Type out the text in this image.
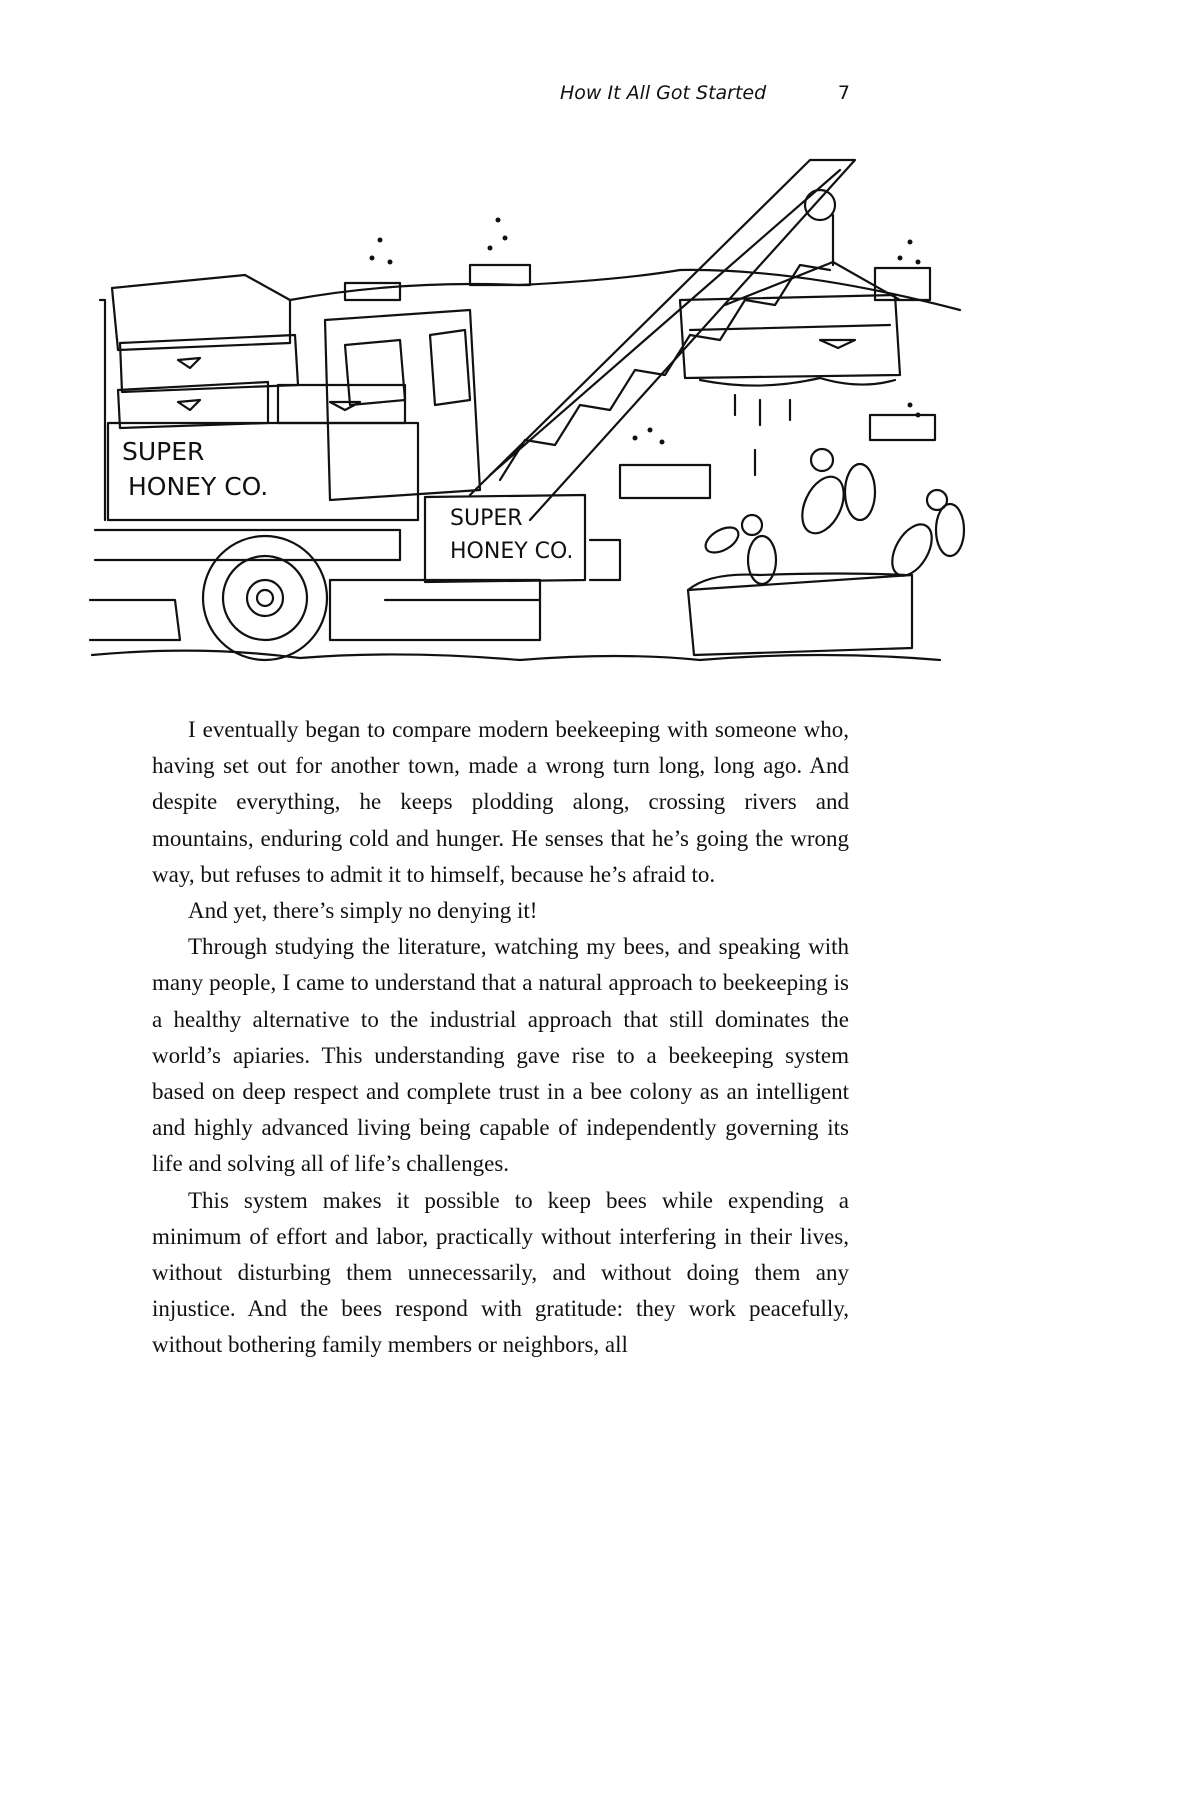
How It All Got Started	7
SUPER
HONEY CO.
SUPER
HONEY CO.

I eventually began to compare modern beekeeping with someone who, having set out for another town, made a wrong turn long, long ago. And despite everything, he keeps plodding along, crossing rivers and mountains, enduring cold and hunger. He senses that he’s going the wrong way, but refuses to admit it to himself, because he’s afraid to.

And yet, there’s simply no denying it!

Through studying the literature, watching my bees, and speaking with many people, I came to understand that a natural approach to beekeeping is a healthy alternative to the industrial approach that still dominates the world’s apiaries. This understanding gave rise to a beekeeping system based on deep respect and complete trust in a bee colony as an intelligent and highly advanced living being capable of independently governing its life and solving all of life’s challenges.

This system makes it possible to keep bees while expending a minimum of effort and labor, practically without interfering in their lives, without disturbing them unnecessarily, and without doing them any injustice. And the bees respond with gratitude: they work peacefully, without bothering family members or neighbors, all
